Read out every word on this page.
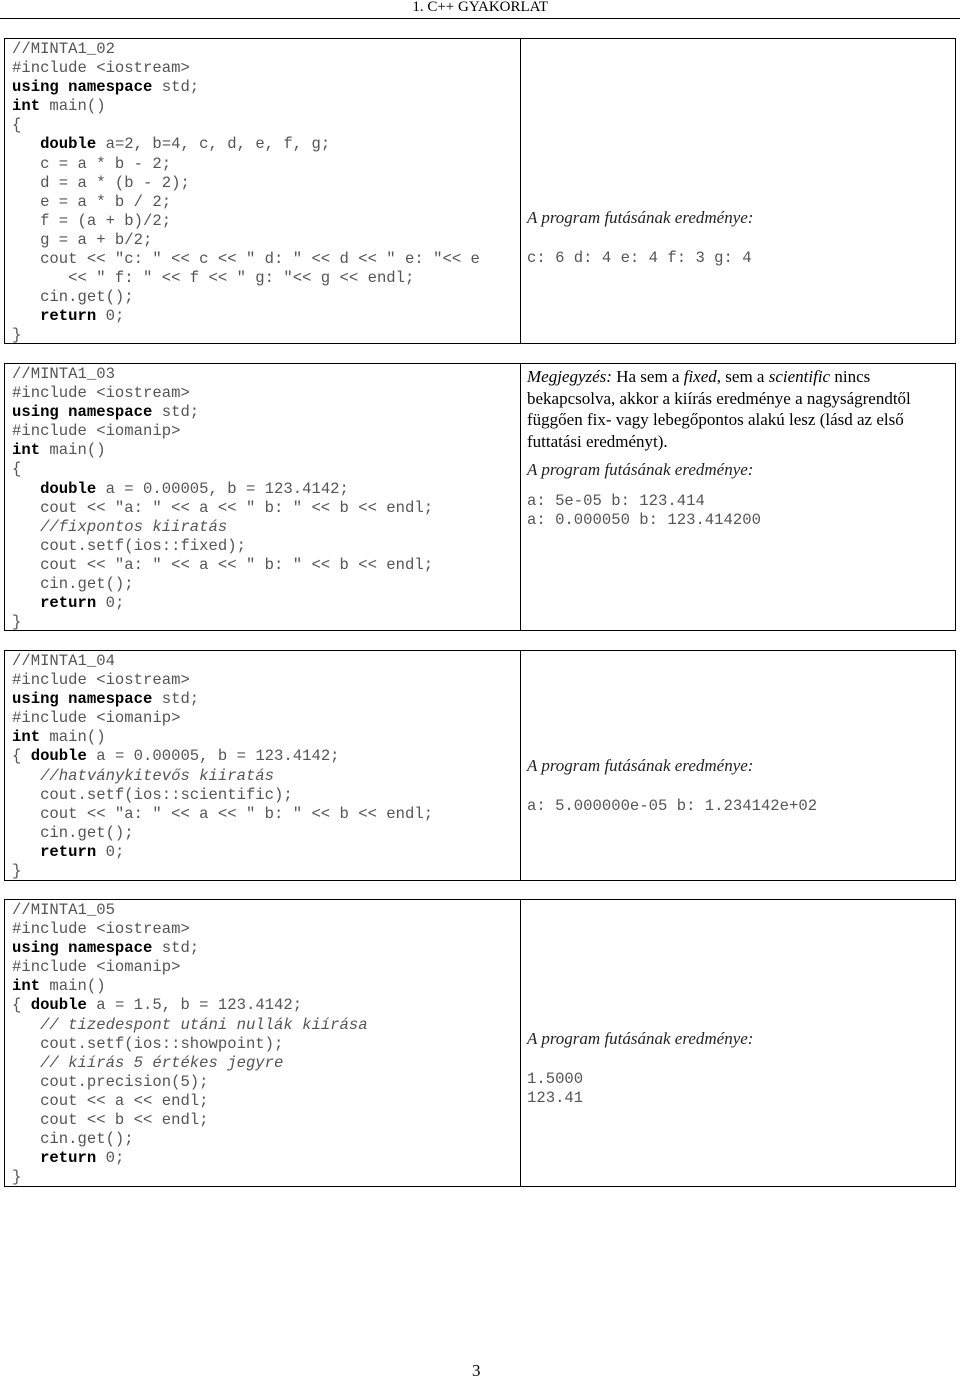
1. C++ GYAKORLAT
//MINTA1_02
#include <iostream>
using namespace std;
int main()
{
double a=2, b=4, c, d, e, f, g;
c = a * b - 2;
d = a * (b - 2);
e = a * b / 2;
f = (a + b)/2;
g = a + b/2;
cout << "c: " << c << " d: " << d << " e: "<< e
<< " f: " << f << " g: "<< g << endl;
cin.get();
return 0;
}
A program futásának eredménye:
c: 6 d: 4 e: 4 f: 3 g: 4
//MINTA1_03
#include <iostream>
using namespace std;
#include <iomanip>
int main()
{
double a = 0.00005, b = 123.4142;
cout << "a: " << a << " b: " << b << endl;
//fixpontos kiiratás
cout.setf(ios::fixed);
cout << "a: " << a << " b: " << b << endl;
cin.get();
return 0;
}
Megjegyzés: Ha sem a fixed, sem a scientific nincs bekapcsolva, akkor a kiírás eredménye a nagyságrendtől függően fix- vagy lebegőpontos alakú lesz (lásd az első futtatási eredményt).
A program futásának eredménye:
a: 5e-05 b: 123.414
a: 0.000050 b: 123.414200
//MINTA1_04
#include <iostream>
using namespace std;
#include <iomanip>
int main()
{ double a = 0.00005, b = 123.4142;
//hatványkitevős kiiratás
cout.setf(ios::scientific);
cout << "a: " << a << " b: " << b << endl;
cin.get();
return 0;
}
A program futásának eredménye:
a: 5.000000e-05 b: 1.234142e+02
//MINTA1_05
#include <iostream>
using namespace std;
#include <iomanip>
int main()
{ double a = 1.5, b = 123.4142;
// tizedespont utáni nullák kiírása
cout.setf(ios::showpoint);
// kiírás 5 értékes jegyre
cout.precision(5);
cout << a << endl;
cout << b << endl;
cin.get();
return 0;
}
A program futásának eredménye:
1.5000
123.41
3
